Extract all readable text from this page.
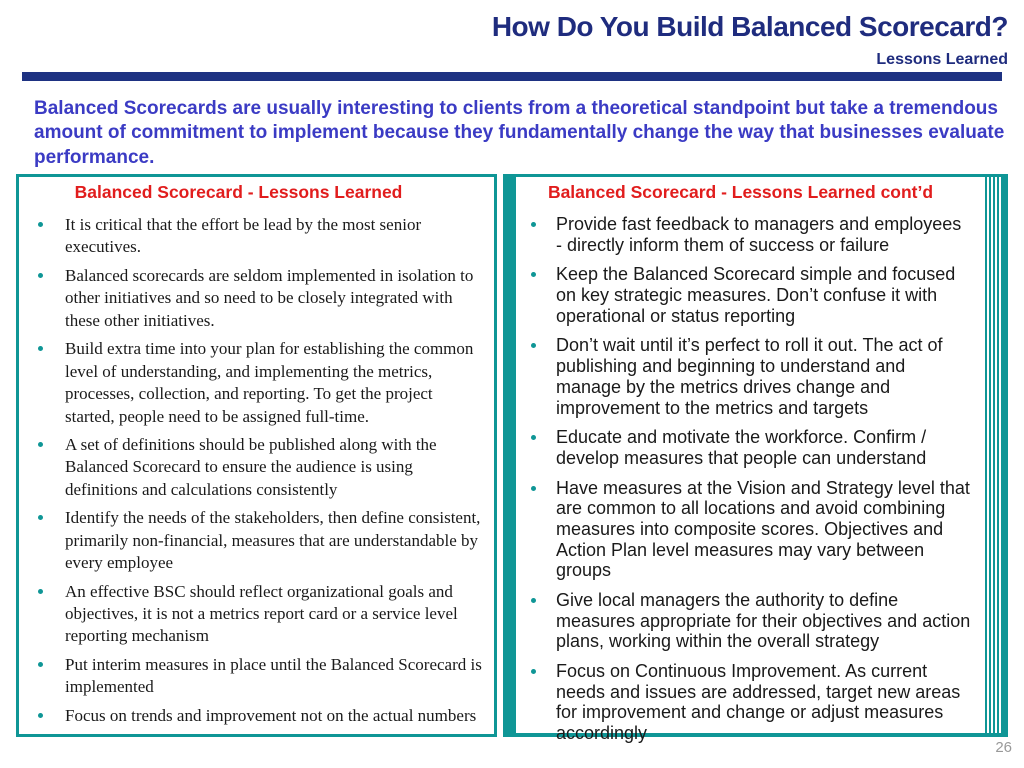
How Do You Build Balanced Scorecard?
Lessons Learned
Balanced Scorecards are usually interesting to clients from a theoretical standpoint but take a tremendous amount of commitment to implement because they fundamentally change the way that businesses evaluate performance.
Balanced Scorecard - Lessons Learned
It is critical that the effort be lead by the most senior executives.
Balanced scorecards are seldom implemented in isolation to other initiatives and so need to be closely integrated with these other initiatives.
Build extra time into your plan for establishing the common level of understanding, and implementing the metrics, processes, collection, and reporting. To get the project started, people need to be assigned full-time.
A set of definitions should be published along with the Balanced Scorecard to ensure the audience is using definitions and calculations consistently
Identify the needs of the stakeholders, then define consistent, primarily non-financial, measures that are understandable by every employee
An effective BSC should reflect organizational goals and objectives, it is not a metrics report card or a service level reporting mechanism
Put interim measures in place until the Balanced Scorecard is implemented
Focus on trends and improvement not on the actual numbers
Balanced Scorecard - Lessons Learned cont’d
Provide fast feedback to managers and employees - directly inform them of success or failure
Keep the Balanced Scorecard simple and focused on key strategic measures. Don’t confuse it with operational or status reporting
Don’t wait until it’s perfect to roll it out. The act of publishing and beginning to understand and manage by the metrics drives change and improvement to the metrics and targets
Educate and motivate the workforce. Confirm / develop measures that people can understand
Have measures at the Vision and Strategy level that are common to all locations and avoid combining measures into composite scores. Objectives and Action Plan level measures may vary between groups
Give local managers the authority to define measures appropriate for their objectives and action plans, working within the overall strategy
Focus on Continuous Improvement. As current needs and issues are addressed, target new areas for improvement and change or adjust measures accordingly
26
